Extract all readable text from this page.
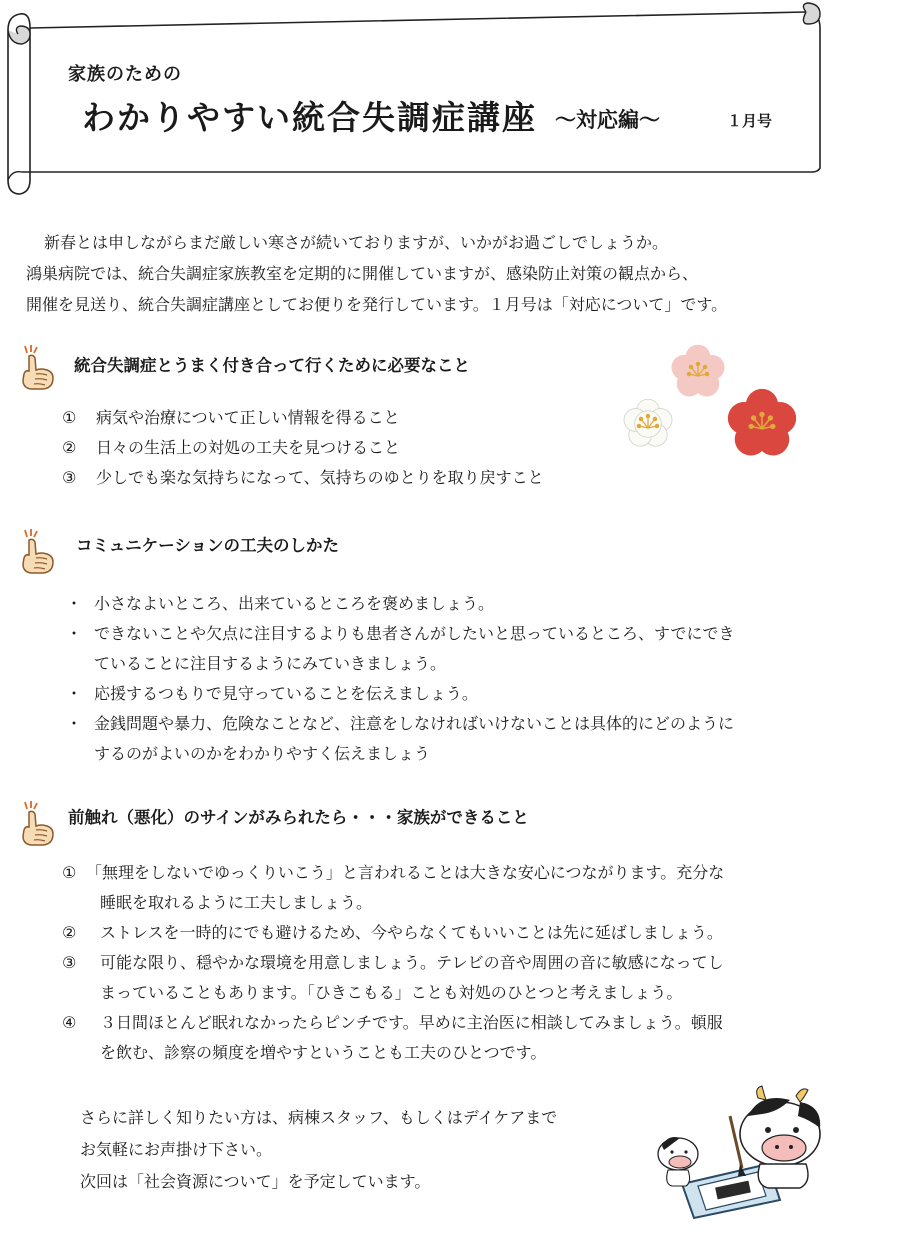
家族のための
わかりやすい統合失調症講座 ～対応編～	１月号

新春とは申しながらまだ厳しい寒さが続いておりますが、いかがお過ごしでしょうか。

鴻巣病院では、統合失調症家族教室を定期的に開催していますが、感染防止対策の観点から、

開催を見送り、統合失調症講座としてお便りを発行しています。１月号は「対応について」です。

統合失調症とうまく付き合って行くために必要なこと
① 病気や治療について正しい情報を得ること
② 日々の生活上の対処の工夫を見つけること
③ 少しでも楽な気持ちになって、気持ちのゆとりを取り戻すこと
コミュニケーションの工夫のしかた
・ 小さなよいところ、出来ているところを褒めましょう。
・ できないことや欠点に注目するよりも患者さんがしたいと思っているところ、すでにでき
ていることに注目するようにみていきましょう。
・ 応援するつもりで見守っていることを伝えましょう。
・ 金銭問題や暴力、危険なことなど、注意をしなければいけないことは具体的にどのように
するのがよいのかをわかりやすく伝えましょう
前触れ（悪化）のサインがみられたら・・・家族ができること
① 「無理をしないでゆっくりいこう」と言われることは大きな安心につながります。充分な
睡眠を取れるように工夫しましょう。
② ストレスを一時的にでも避けるため、今やらなくてもいいことは先に延ばしましょう。
③ 可能な限り、穏やかな環境を用意しましょう。テレビの音や周囲の音に敏感になってし
まっていることもあります。「ひきこもる」ことも対処のひとつと考えましょう。
④ ３日間ほとんど眠れなかったらピンチです。早めに主治医に相談してみましょう。頓服
を飲む、診察の頻度を増やすということも工夫のひとつです。

さらに詳しく知りたい方は、病棟スタッフ、もしくはデイケアまで

お気軽にお声掛け下さい。

次回は「社会資源について」を予定しています。
